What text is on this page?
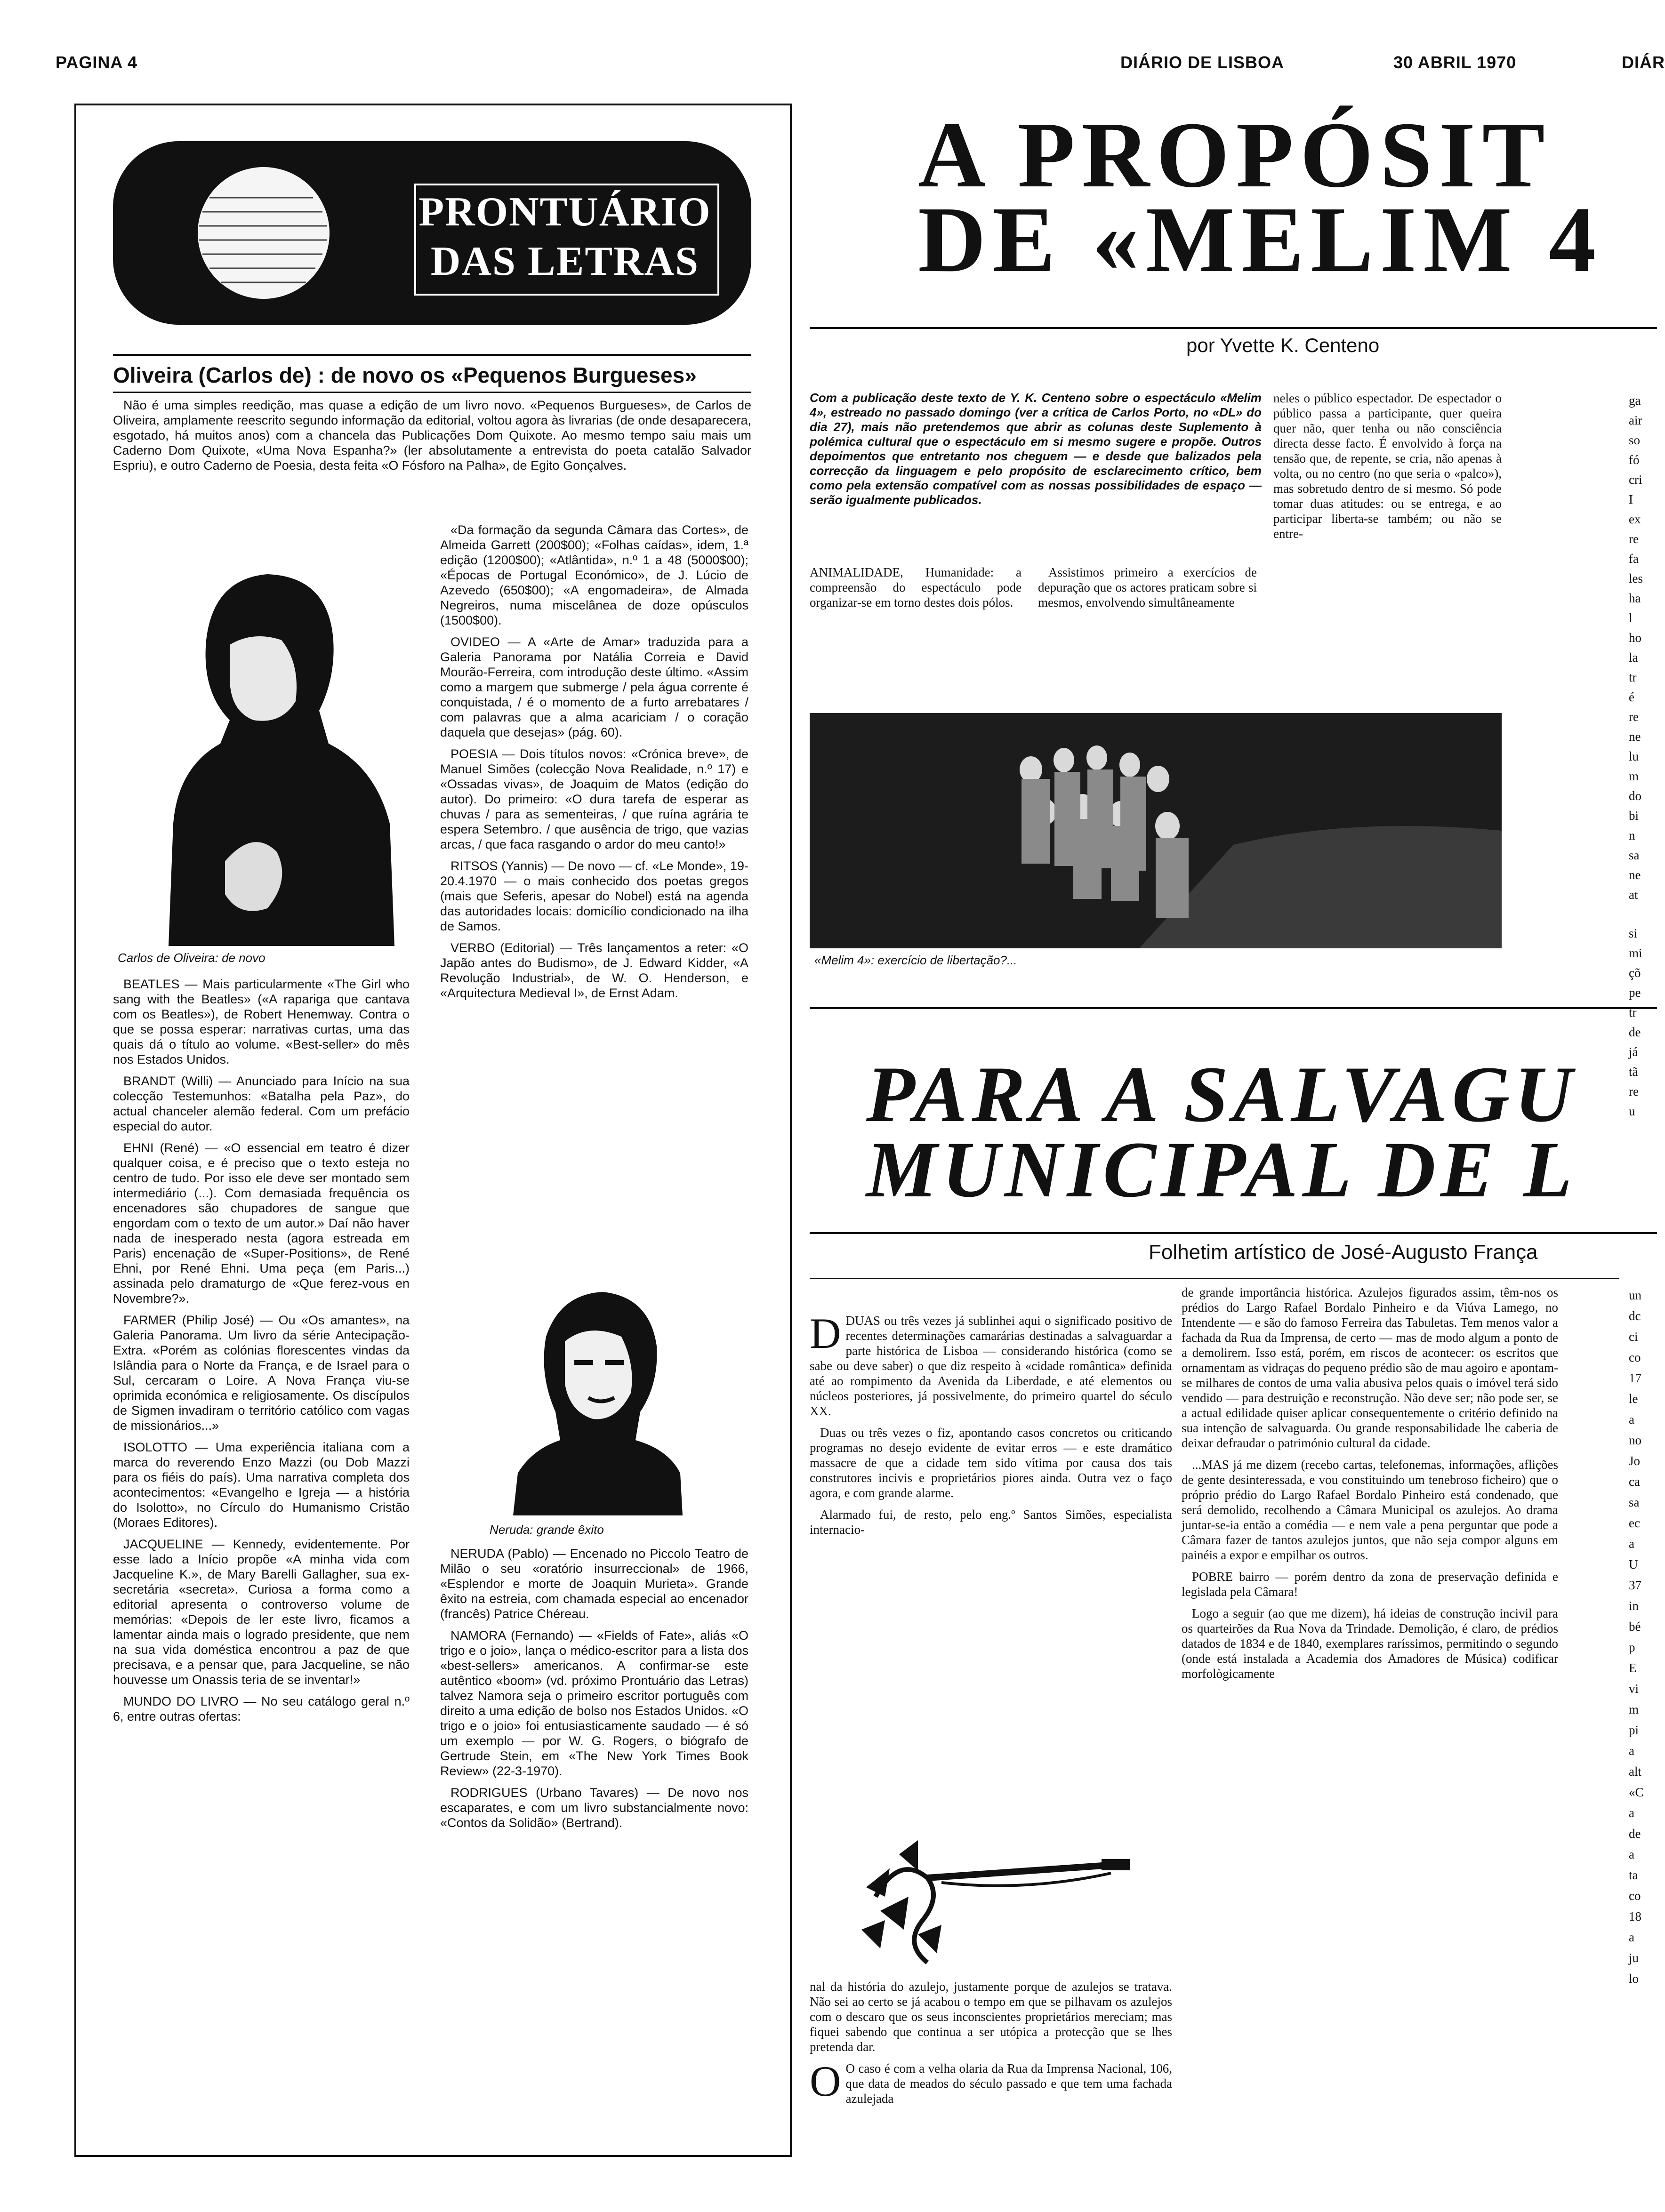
PAGINA 4	DIÁRIO DE LISBOA	30 ABRIL 1970	DIÁR
PRONTUÁRIO
DAS LETRAS
Oliveira (Carlos de) : de novo os «Pequenos Burgueses»

Não é uma simples reedição, mas quase a edição de um livro novo. «Pequenos Burgueses», de Carlos de Oliveira, amplamente reescrito segundo informação da editorial, voltou agora às livrarias (de onde desaparecera, esgotado, há muitos anos) com a chancela das Publicações Dom Quixote. Ao mesmo tempo saiu mais um Caderno Dom Quixote, «Uma Nova Espanha?» (ler absolutamente a entrevista do poeta catalão Salvador Espriu), e outro Caderno de Poesia, desta feita «O Fósforo na Palha», de Egito Gonçalves.

Carlos de Oliveira: de novo

BEATLES — Mais particularmente «The Girl who sang with the Beatles» («A rapariga que cantava com os Beatles»), de Robert Henemway. Contra o que se possa esperar: narrativas curtas, uma das quais dá o título ao volume. «Best-seller» do mês nos Estados Unidos.

BRANDT (Willi) — Anunciado para Início na sua colecção Testemunhos: «Batalha pela Paz», do actual chanceler alemão federal. Com um prefácio especial do autor.

EHNI (René) — «O essencial em teatro é dizer qualquer coisa, e é preciso que o texto esteja no centro de tudo. Por isso ele deve ser montado sem intermediário (...). Com demasiada frequência os encenadores são chupadores de sangue que engordam com o texto de um autor.» Daí não haver nada de inesperado nesta (agora estreada em Paris) encenação de «Super-Positions», de René Ehni, por René Ehni. Uma peça (em Paris...) assinada pelo dramaturgo de «Que ferez-vous en Novembre?».

FARMER (Philip José) — Ou «Os amantes», na Galeria Panorama. Um livro da série Antecipação-Extra. «Porém as colónias florescentes vindas da Islândia para o Norte da França, e de Israel para o Sul, cercaram o Loire. A Nova França viu-se oprimida económica e religiosamente. Os discípulos de Sigmen invadiram o território católico com vagas de missionários...»

ISOLOTTO — Uma experiência italiana com a marca do reverendo Enzo Mazzi (ou Dob Mazzi para os fiéis do país). Uma narrativa completa dos acontecimentos: «Evangelho e Igreja — a história do Isolotto», no Círculo do Humanismo Cristão (Moraes Editores).

JACQUELINE — Kennedy, evidentemente. Por esse lado a Início propõe «A minha vida com Jacqueline K.», de Mary Barelli Gallagher, sua ex-secretária «secreta». Curiosa a forma como a editorial apresenta o controverso volume de memórias: «Depois de ler este livro, ficamos a lamentar ainda mais o logrado presidente, que nem na sua vida doméstica encontrou a paz de que precisava, e a pensar que, para Jacqueline, se não houvesse um Onassis teria de se inventar!»

MUNDO DO LIVRO — No seu catálogo geral n.º 6, entre outras ofertas:

«Da formação da segunda Câmara das Cortes», de Almeida Garrett (200$00); «Folhas caídas», idem, 1.ª edição (1200$00); «Atlântida», n.º 1 a 48 (5000$00); «Épocas de Portugal Económico», de J. Lúcio de Azevedo (650$00); «A engomadeira», de Almada Negreiros, numa miscelânea de doze opúsculos (1500$00).

OVIDEO — A «Arte de Amar» traduzida para a Galeria Panorama por Natália Correia e David Mourão-Ferreira, com introdução deste último. «Assim como a margem que submerge / pela água corrente é conquistada, / é o momento de a furto arrebatares / com palavras que a alma acariciam / o coração daquela que desejas» (pág. 60).

POESIA — Dois títulos novos: «Crónica breve», de Manuel Simões (colecção Nova Realidade, n.º 17) e «Ossadas vivas», de Joaquim de Matos (edição do autor). Do primeiro: «O dura tarefa de esperar as chuvas / para as sementeiras, / que ruína agrária te espera Setembro. / que ausência de trigo, que vazias arcas, / que faca rasgando o ardor do meu canto!»

RITSOS (Yannis) — De novo — cf. «Le Monde», 19-20.4.1970 — o mais conhecido dos poetas gregos (mais que Seferis, apesar do Nobel) está na agenda das autoridades locais: domicílio condicionado na ilha de Samos.

VERBO (Editorial) — Três lançamentos a reter: «O Japão antes do Budismo», de J. Edward Kidder, «A Revolução Industrial», de W. O. Henderson, e «Arquitectura Medieval I», de Ernst Adam.

Neruda: grande êxito

NERUDA (Pablo) — Encenado no Piccolo Teatro de Milão o seu «oratório insurreccional» de 1966, «Esplendor e morte de Joaquin Murieta». Grande êxito na estreia, com chamada especial ao encenador (francês) Patrice Chéreau.

NAMORA (Fernando) — «Fields of Fate», aliás «O trigo e o joio», lança o médico-escritor para a lista dos «best-sellers» americanos. A confirmar-se este autêntico «boom» (vd. próximo Prontuário das Letras) talvez Namora seja o primeiro escritor português com direito a uma edição de bolso nos Estados Unidos. «O trigo e o joio» foi entusiasticamente saudado — é só um exemplo — por W. G. Rogers, o biógrafo de Gertrude Stein, em «The New York Times Book Review» (22-3-1970).

RODRIGUES (Urbano Tavares) — De novo nos escaparates, e com um livro substancialmente novo: «Contos da Solidão» (Bertrand).

A PROPÓSIT
DE «MELIM 4
por Yvette K. Centeno
Com a publicação deste texto de Y. K. Centeno sobre o espectáculo «Melim 4», estreado no passado domingo (ver a crítica de Carlos Porto, no «DL» do dia 27), mais não pretendemos que abrir as colunas deste Suplemento à polémica cultural que o espectáculo em si mesmo sugere e propõe. Outros depoimentos que entretanto nos cheguem — e desde que balizados pela correcção da linguagem e pelo propósito de esclarecimento crítico, bem como pela extensão compatível com as nossas possibilidades de espaço — serão igualmente publicados.

ANIMALIDADE, Humanidade: a compreensão do espectáculo pode organizar-se em torno destes dois pólos.

Assistimos primeiro a exercícios de depuração que os actores praticam sobre si mesmos, envolvendo simultâneamente

neles o público espectador. De espectador o público passa a participante, quer queira quer não, quer tenha ou não consciência directa desse facto. É envolvido à força na tensão que, de repente, se cria, não apenas à volta, ou no centro (no que seria o «palco»), mas sobretudo dentro de si mesmo. Só pode tomar duas atitudes: ou se entrega, e ao participar liberta-se também; ou não se entre-

«Melim 4»: exercício de libertação?...
PARA A SALVAGU
MUNICIPAL DE L
Folhetim artístico de José-Augusto França

DDUAS ou três vezes já sublinhei aqui o significado positivo de recentes determinações camarárias destinadas a salvaguardar a parte histórica de Lisboa — considerando histórica (como se sabe ou deve saber) o que diz respeito à «cidade romântica» definida até ao rompimento da Avenida da Liberdade, e até elementos ou núcleos posteriores, já possivelmente, do primeiro quartel do século XX.

Duas ou três vezes o fiz, apontando casos concretos ou criticando programas no desejo evidente de evitar erros — e este dramático massacre de que a cidade tem sido vítima por causa dos tais construtores incivis e proprietários piores ainda. Outra vez o faço agora, e com grande alarme.

Alarmado fui, de resto, pelo eng.º Santos Simões, especialista internacio-

nal da história do azulejo, justamente porque de azulejos se tratava. Não sei ao certo se já acabou o tempo em que se pilhavam os azulejos com o descaro que os seus inconscientes proprietários mereciam; mas fiquei sabendo que continua a ser utópica a protecção que se lhes pretenda dar.

O O caso é com a velha olaria da Rua da Imprensa Nacional, 106, que data de meados do século passado e que tem uma fachada azulejada

de grande importância histórica. Azulejos figurados assim, têm-nos os prédios do Largo Rafael Bordalo Pinheiro e da Viúva Lamego, no Intendente — e são do famoso Ferreira das Tabuletas. Tem menos valor a fachada da Rua da Imprensa, de certo — mas de modo algum a ponto de a demolirem. Isso está, porém, em riscos de acontecer: os escritos que ornamentam as vidraças do pequeno prédio são de mau agoiro e apontam-se milhares de contos de uma valia abusiva pelos quais o imóvel terá sido vendido — para destruição e reconstrução. Não deve ser; não pode ser, se a actual edilidade quiser aplicar consequentemente o critério definido na sua intenção de salvaguarda. Ou grande responsabilidade lhe caberia de deixar defraudar o património cultural da cidade.

...MAS já me dizem (recebo cartas, telefonemas, informações, aflições de gente desinteressada, e vou constituindo um tenebroso ficheiro) que o próprio prédio do Largo Rafael Bordalo Pinheiro está condenado, que será demolido, recolhendo a Câmara Municipal os azulejos. Ao drama juntar-se-ia então a comédia — e nem vale a pena perguntar que pode a Câmara fazer de tantos azulejos juntos, que não seja compor alguns em painéis a expor e empilhar os outros.

POBRE bairro — porém dentro da zona de preservação definida e legislada pela Câmara!

Logo a seguir (ao que me dizem), há ideias de construção incivil para os quarteirões da Rua Nova da Trindade. Demolição, é claro, de prédios datados de 1834 e de 1840, exemplares raríssimos, permitindo o segundo (onde está instalada a Academia dos Amadores de Música) codificar morfològicamente

ga
air
so
fó
cri
I
ex
re
fa
les
ha
l
ho
la
tr
é
re
ne
lu
m
do
bi
n
sa
ne
at
si
mi
çõ
pe
tr
de
já
tã
re
u
un
dc
ci
co
17
le
a
no
Jo
ca
sa
ec
a
U
37
in
bé
p
E
vi
m
pi
a
alt
«C
a
de
a
ta
co
18
a
ju
lo
